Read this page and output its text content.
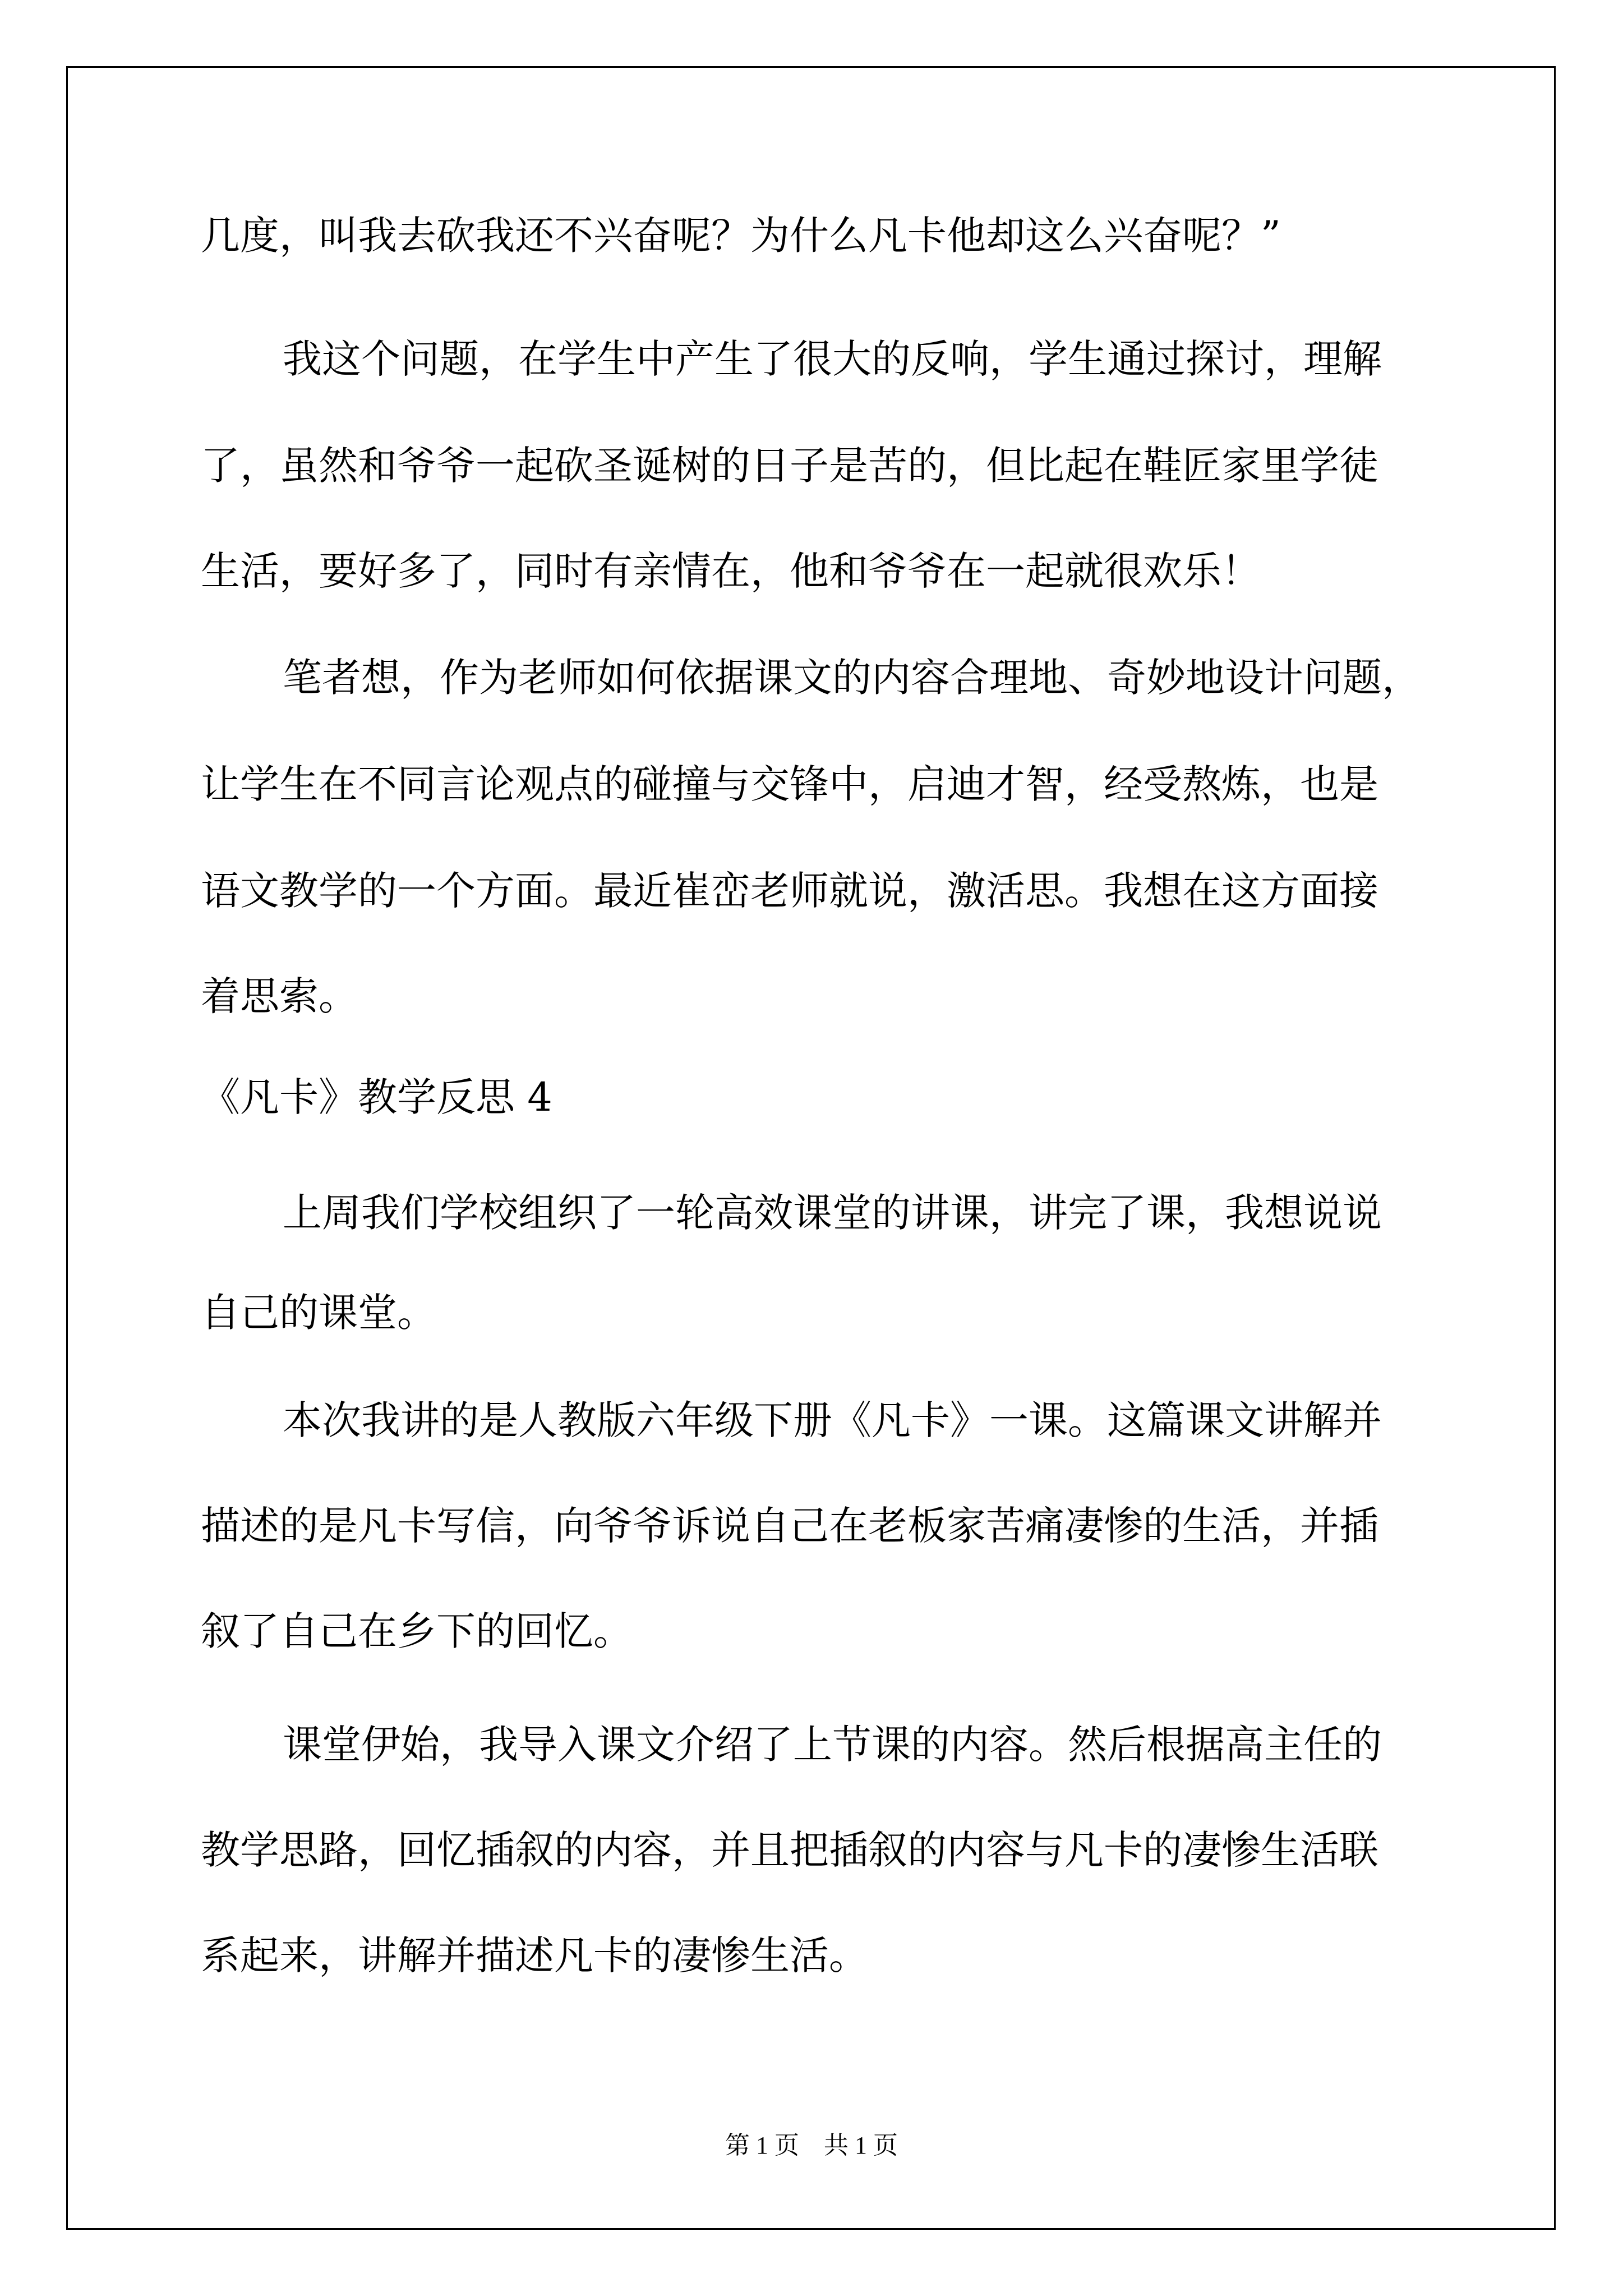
几度，叫我去砍我还不兴奋呢？为什么凡卡他却这么兴奋呢？”
我这个问题，在学生中产生了很大的反响，学生通过探讨，理解
了，虽然和爷爷一起砍圣诞树的日子是苦的，但比起在鞋匠家里学徒
生活，要好多了，同时有亲情在，他和爷爷在一起就很欢乐！
笔者想，作为老师如何依据课文的内容合理地、奇妙地设计问题，
让学生在不同言论观点的碰撞与交锋中，启迪才智，经受熬炼，也是
语文教学的一个方面。最近崔峦老师就说，激活思。我想在这方面接
着思索。
《凡卡》教学反思 4
上周我们学校组织了一轮高效课堂的讲课，讲完了课，我想说说
自己的课堂。
本次我讲的是人教版六年级下册《凡卡》一课。这篇课文讲解并
描述的是凡卡写信，向爷爷诉说自己在老板家苦痛凄惨的生活，并插
叙了自己在乡下的回忆。
课堂伊始，我导入课文介绍了上节课的内容。然后根据高主任的
教学思路，回忆插叙的内容，并且把插叙的内容与凡卡的凄惨生活联
系起来，讲解并描述凡卡的凄惨生活。
第 1 页　共 1 页
